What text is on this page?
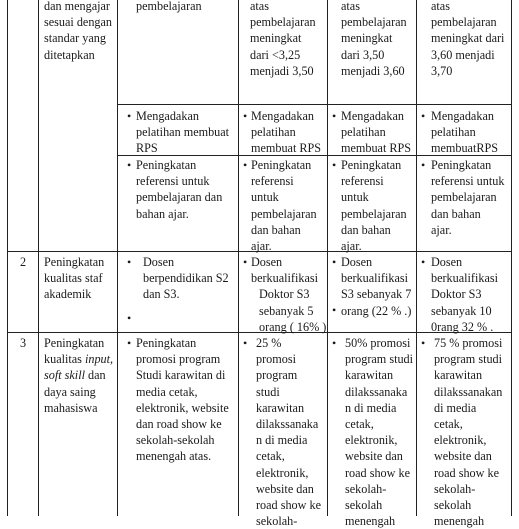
dan mengajar
sesuai dengan
standar yang
ditetapkan
pembelajaran	atas
pembelajaran
meningkat
dari <3,25
menjadi 3,50
atas
pembelajaran
meningkat
dari 3,50
menjadi 3,60
atas
pembelajaran
meningkat dari
3,60 menjadi
3,70
• Mengadakan
pelatihan membuat
RPS
• Mengadakan
pelatihan
membuat RPS
• Mengadakan
pelatihan
membuat RPS
• Mengadakan
pelatihan
membuatRPS
• Peningkatan
referensi untuk
pembelajaran dan
bahan ajar.
• Peningkatan
referensi
untuk
pembelajaran
dan bahan
ajar.
• Peningkatan
referensi
untuk
pembelajaran
dan bahan
ajar.
• Peningkatan
referensi untuk
pembelajaran
dan bahan
ajar.
2 Peningkatan
kualitas staf
akademik
• Dosen
berpendidikan S2
dan S3.
•
• Dosen
berkualifikasi
Doktor S3
sebanyak 5
orang ( 16% )
• Dosen
berkualifikasi
S3 sebanyak 7
orang (22 % .)
•
• Dosen
berkualifikasi
Doktor S3
sebanyak 10
0rang 32 % .
3 Peningkatan
kualitas input,
soft skill dan
daya saing
mahasiswa
• Peningkatan
promosi program
Studi karawitan di
media cetak,
elektronik, website
dan road show ke
sekolah-sekolah
menengah atas.
• 25 %
promosi
program
studi
karawitan
dilakssanaka
n di media
cetak,
elektronik,
website dan
road show ke
sekolah-
• 50% promosi
program studi
karawitan
dilakssanaka
n di media
cetak,
elektronik,
website dan
road show ke
sekolah-
sekolah
menengah
• 75 % promosi
program studi
karawitan
dilakssanakan
di media
cetak,
elektronik,
website dan
road show ke
sekolah-
sekolah
menengah
